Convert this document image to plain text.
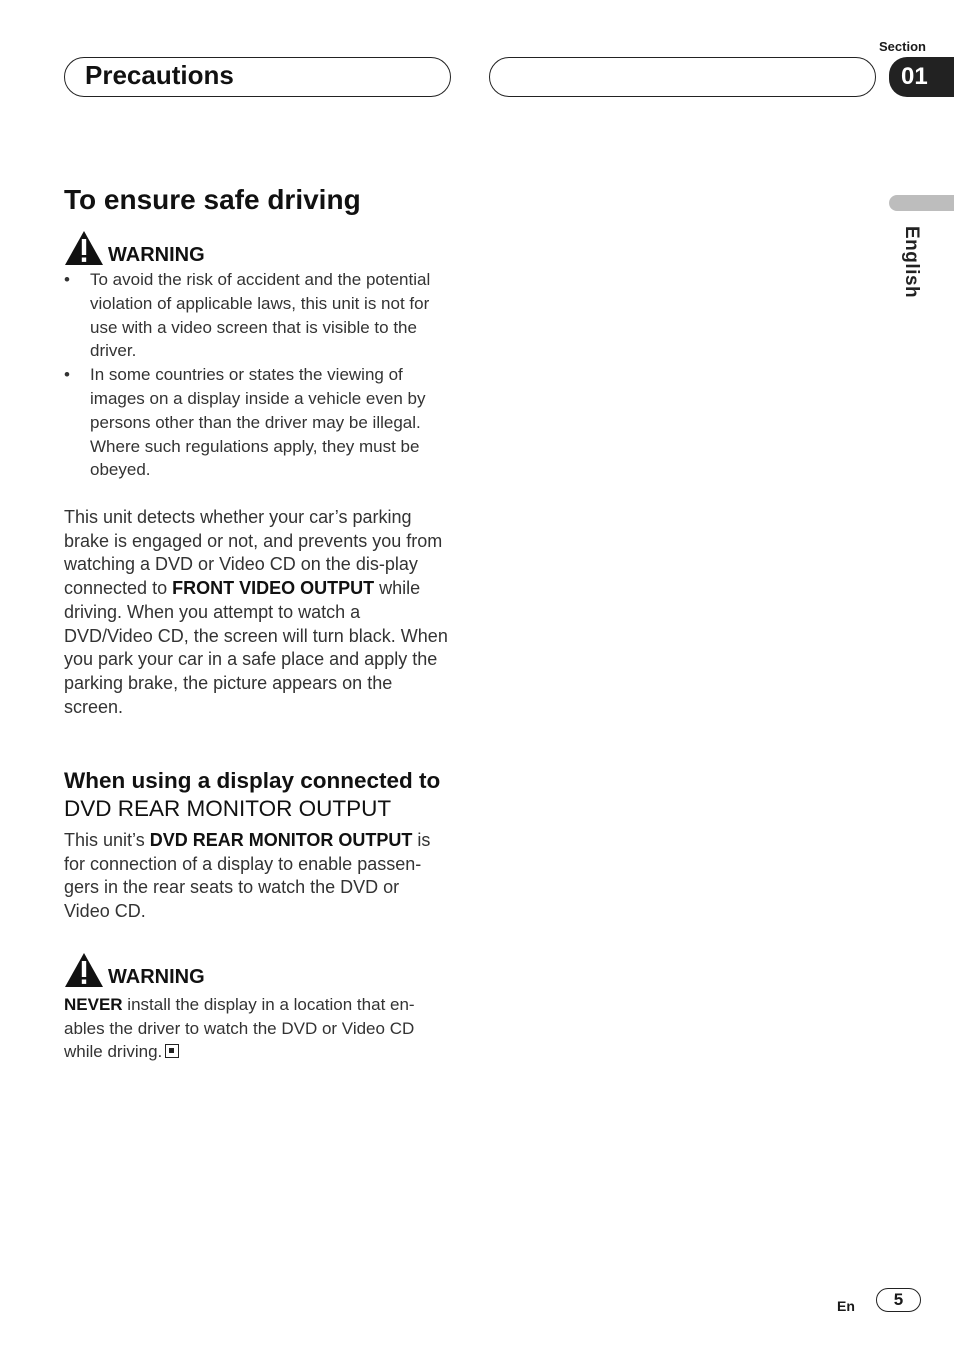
Precautions
Section
01
English
To ensure safe driving
WARNING
• To avoid the risk of accident and the potential violation of applicable laws, this unit is not for use with a video screen that is visible to the driver.
• In some countries or states the viewing of images on a display inside a vehicle even by persons other than the driver may be illegal. Where such regulations apply, they must be obeyed.

This unit detects whether your car’s parking brake is engaged or not, and prevents you from watching a DVD or Video CD on the dis-play connected to FRONT VIDEO OUTPUT while driving. When you attempt to watch a DVD/Video CD, the screen will turn black. When you park your car in a safe place and apply the parking brake, the picture appears on the screen.

When using a display connected to DVD REAR MONITOR OUTPUT

This unit’s DVD REAR MONITOR OUTPUT is for connection of a display to enable passen-gers in the rear seats to watch the DVD or Video CD.

WARNING

NEVER install the display in a location that en-ables the driver to watch the DVD or Video CD while driving.

En	5
